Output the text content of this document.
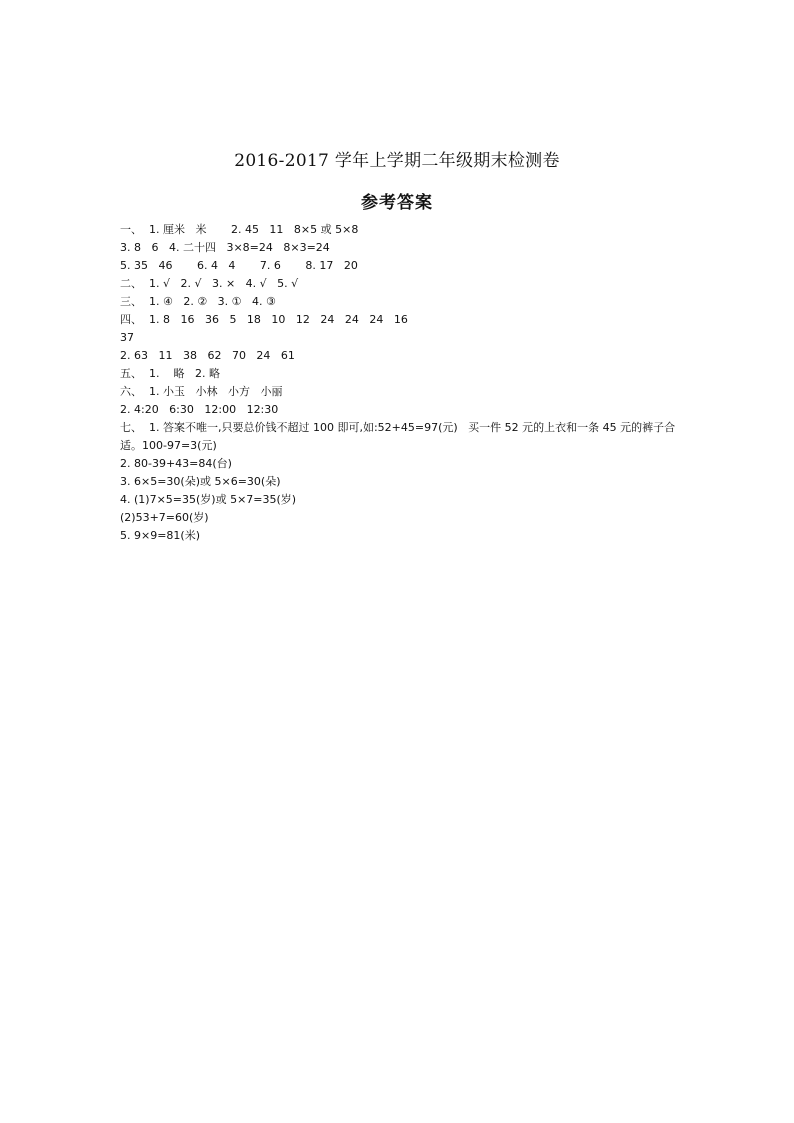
2016-2017 学年上学期二年级期末检测卷
参考答案
一、  1. 厘米   米       2. 45   11   8×5 或 5×8
3. 8   6   4. 二十四   3×8=24   8×3=24
5. 35   46       6. 4   4       7. 6       8. 17   20
二、  1. √   2. √   3. ×   4. √   5. √
三、  1. ④   2. ②   3. ①   4. ③
四、  1. 8   16   36   5   18   10   12   24   24   24   16
37
2. 63   11   38   62   70   24   61
五、  1.    略   2. 略
六、  1. 小玉   小林   小方   小丽
2. 4:20   6:30   12:00   12:30
七、  1. 答案不唯一,只要总价钱不超过 100 即可,如:52+45=97(元)   买一件 52 元的上衣和一条 45 元的裤子合适。100-97=3(元)
2. 80-39+43=84(台)
3. 6×5=30(朵)或 5×6=30(朵)
4. (1)7×5=35(岁)或 5×7=35(岁)
(2)53+7=60(岁)
5. 9×9=81(米)
